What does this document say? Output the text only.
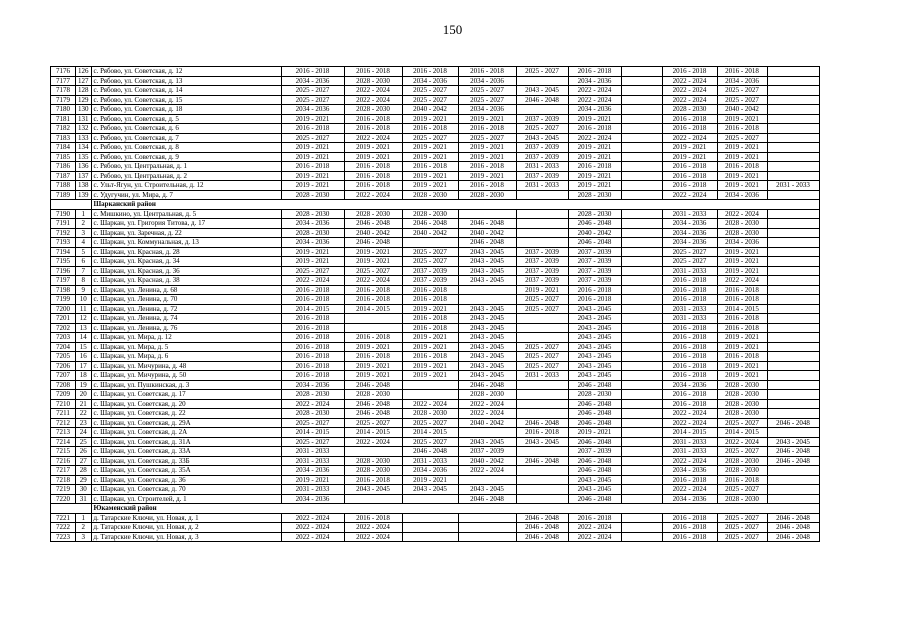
150
7176	126	с. Рябово, ул. Советская, д. 12	2016 - 2018	2016 - 2018	2016 - 2018	2016 - 2018	2025 - 2027	2016 - 2018		2016 - 2018	2016 - 2018	
7177	127	с. Рябово, ул. Советская, д. 13	2034 - 2036	2028 - 2030	2034 - 2036	2034 - 2036		2034 - 2036		2022 - 2024	2034 - 2036	
7178	128	с. Рябово, ул. Советская, д. 14	2025 - 2027	2022 - 2024	2025 - 2027	2025 - 2027	2043 - 2045	2022 - 2024		2022 - 2024	2025 - 2027	
7179	129	с. Рябово, ул. Советская, д. 15	2025 - 2027	2022 - 2024	2025 - 2027	2025 - 2027	2046 - 2048	2022 - 2024		2022 - 2024	2025 - 2027	
7180	130	с. Рябово, ул. Советская, д. 18	2034 - 2036	2028 - 2030	2040 - 2042	2034 - 2036		2034 - 2036		2028 - 2030	2040 - 2042	
7181	131	с. Рябово, ул. Советская, д. 5	2019 - 2021	2016 - 2018	2019 - 2021	2019 - 2021	2037 - 2039	2019 - 2021		2016 - 2018	2019 - 2021	
7182	132	с. Рябово, ул. Советская, д. 6	2016 - 2018	2016 - 2018	2016 - 2018	2016 - 2018	2025 - 2027	2016 - 2018		2016 - 2018	2016 - 2018	
7183	133	с. Рябово, ул. Советская, д. 7	2025 - 2027	2022 - 2024	2025 - 2027	2025 - 2027	2043 - 2045	2022 - 2024		2022 - 2024	2025 - 2027	
7184	134	с. Рябово, ул. Советская, д. 8	2019 - 2021	2019 - 2021	2019 - 2021	2019 - 2021	2037 - 2039	2019 - 2021		2019 - 2021	2019 - 2021	
7185	135	с. Рябово, ул. Советская, д. 9	2019 - 2021	2019 - 2021	2019 - 2021	2019 - 2021	2037 - 2039	2019 - 2021		2019 - 2021	2019 - 2021	
7186	136	с. Рябово, ул. Центральная, д. 1	2016 - 2018	2016 - 2018	2016 - 2018	2016 - 2018	2031 - 2033	2016 - 2018		2016 - 2018	2016 - 2018	
7187	137	с. Рябово, ул. Центральная, д. 2	2019 - 2021	2016 - 2018	2019 - 2021	2019 - 2021	2037 - 2039	2019 - 2021		2016 - 2018	2019 - 2021	
7188	138	с. Ульт-Ягун, ул. Строительная, д. 12	2019 - 2021	2016 - 2018	2019 - 2021	2016 - 2018	2031 - 2033	2019 - 2021		2016 - 2018	2019 - 2021	2031 - 2033
7189	139	с. Удугучин, ул. Мира, д. 7	2028 - 2030	2022 - 2024	2028 - 2030	2028 - 2030		2028 - 2030		2022 - 2024	2034 - 2036	
		Шарканский район										
7190	1	с. Мишкино, ул. Центральная, д. 5	2028 - 2030	2028 - 2030	2028 - 2030			2028 - 2030		2031 - 2033	2022 - 2024	
7191	2	с. Шаркан, ул. Григория Титова, д. 17	2034 - 2036	2046 - 2048	2046 - 2048	2046 - 2048		2046 - 2048		2034 - 2036	2028 - 2030	
7192	3	с. Шаркан, ул. Заречная, д. 22	2028 - 2030	2040 - 2042	2040 - 2042	2040 - 2042		2040 - 2042		2034 - 2036	2028 - 2030	
7193	4	с. Шаркан, ул. Коммунальная, д. 13	2034 - 2036	2046 - 2048		2046 - 2048		2046 - 2048		2034 - 2036	2034 - 2036	
7194	5	с. Шаркан, ул. Красная, д. 28	2019 - 2021	2019 - 2021	2025 - 2027	2043 - 2045	2037 - 2039	2037 - 2039		2025 - 2027	2019 - 2021	
7195	6	с. Шаркан, ул. Красная, д. 34	2019 - 2021	2019 - 2021	2025 - 2027	2043 - 2045	2037 - 2039	2037 - 2039		2025 - 2027	2019 - 2021	
7196	7	с. Шаркан, ул. Красная, д. 36	2025 - 2027	2025 - 2027	2037 - 2039	2043 - 2045	2037 - 2039	2037 - 2039		2031 - 2033	2019 - 2021	
7197	8	с. Шаркан, ул. Красная, д. 38	2022 - 2024	2022 - 2024	2037 - 2039	2043 - 2045	2037 - 2039	2037 - 2039		2016 - 2018	2022 - 2024	
7198	9	с. Шаркан, ул. Ленина, д. 68	2016 - 2018	2016 - 2018	2016 - 2018		2019 - 2021	2016 - 2018		2016 - 2018	2016 - 2018	
7199	10	с. Шаркан, ул. Ленина, д. 70	2016 - 2018	2016 - 2018	2016 - 2018		2025 - 2027	2016 - 2018		2016 - 2018	2016 - 2018	
7200	11	с. Шаркан, ул. Ленина, д. 72	2014 - 2015	2014 - 2015	2019 - 2021	2043 - 2045	2025 - 2027	2043 - 2045		2031 - 2033	2014 - 2015	
7201	12	с. Шаркан, ул. Ленина, д. 74	2016 - 2018		2016 - 2018	2043 - 2045		2043 - 2045		2031 - 2033	2016 - 2018	
7202	13	с. Шаркан, ул. Ленина, д. 76	2016 - 2018		2016 - 2018	2043 - 2045		2043 - 2045		2016 - 2018	2016 - 2018	
7203	14	с. Шаркан, ул. Мира, д. 12	2016 - 2018	2016 - 2018	2019 - 2021	2043 - 2045		2043 - 2045		2016 - 2018	2019 - 2021	
7204	15	с. Шаркан, ул. Мира, д. 5	2016 - 2018	2019 - 2021	2019 - 2021	2043 - 2045	2025 - 2027	2043 - 2045		2016 - 2018	2019 - 2021	
7205	16	с. Шаркан, ул. Мира, д. 6	2016 - 2018	2016 - 2018	2016 - 2018	2043 - 2045	2025 - 2027	2043 - 2045		2016 - 2018	2016 - 2018	
7206	17	с. Шаркан, ул. Мичурина, д. 48	2016 - 2018	2019 - 2021	2019 - 2021	2043 - 2045	2025 - 2027	2043 - 2045		2016 - 2018	2019 - 2021	
7207	18	с. Шаркан, ул. Мичурина, д. 50	2016 - 2018	2019 - 2021	2019 - 2021	2043 - 2045	2031 - 2033	2043 - 2045		2016 - 2018	2019 - 2021	
7208	19	с. Шаркан, ул. Пушкинская, д. 3	2034 - 2036	2046 - 2048		2046 - 2048		2046 - 2048		2034 - 2036	2028 - 2030	
7209	20	с. Шаркан, ул. Советская, д. 17	2028 - 2030	2028 - 2030		2028 - 2030		2028 - 2030		2016 - 2018	2028 - 2030	
7210	21	с. Шаркан, ул. Советская, д. 20	2022 - 2024	2046 - 2048	2022 - 2024	2022 - 2024		2046 - 2048		2016 - 2018	2028 - 2030	
7211	22	с. Шаркан, ул. Советская, д. 22	2028 - 2030	2046 - 2048	2028 - 2030	2022 - 2024		2046 - 2048		2022 - 2024	2028 - 2030	
7212	23	с. Шаркан, ул. Советская, д. 29А	2025 - 2027	2025 - 2027	2025 - 2027	2040 - 2042	2046 - 2048	2046 - 2048		2022 - 2024	2025 - 2027	2046 - 2048
7213	24	с. Шаркан, ул. Советская, д. 2А	2014 - 2015	2014 - 2015	2014 - 2015		2016 - 2018	2019 - 2021		2014 - 2015	2014 - 2015	
7214	25	с. Шаркан, ул. Советская, д. 31А	2025 - 2027	2022 - 2024	2025 - 2027	2043 - 2045	2043 - 2045	2046 - 2048		2031 - 2033	2022 - 2024	2043 - 2045
7215	26	с. Шаркан, ул. Советская, д. 33А	2031 - 2033		2046 - 2048	2037 - 2039		2037 - 2039		2031 - 2033	2025 - 2027	2046 - 2048
7216	27	с. Шаркан, ул. Советская, д. 33Б	2031 - 2033	2028 - 2030	2031 - 2033	2040 - 2042	2046 - 2048	2046 - 2048		2022 - 2024	2028 - 2030	2046 - 2048
7217	28	с. Шаркан, ул. Советская, д. 35А	2034 - 2036	2028 - 2030	2034 - 2036	2022 - 2024		2046 - 2048		2034 - 2036	2028 - 2030	
7218	29	с. Шаркан, ул. Советская, д. 36	2019 - 2021	2016 - 2018	2019 - 2021			2043 - 2045		2016 - 2018	2016 - 2018	
7219	30	с. Шаркан, ул. Советская, д. 70	2031 - 2033	2043 - 2045	2043 - 2045	2043 - 2045		2043 - 2045		2022 - 2024	2025 - 2027	
7220	31	с. Шаркан, ул. Строителей, д. 1	2034 - 2036			2046 - 2048		2046 - 2048		2034 - 2036	2028 - 2030	
		Юкаменский район										
7221	1	д. Татарские Ключи, ул. Новая, д. 1	2022 - 2024	2016 - 2018			2046 - 2048	2016 - 2018		2016 - 2018	2025 - 2027	2046 - 2048
7222	2	д. Татарские Ключи, ул. Новая, д. 2	2022 - 2024	2022 - 2024			2046 - 2048	2022 - 2024		2016 - 2018	2025 - 2027	2046 - 2048
7223	3	д. Татарские Ключи, ул. Новая, д. 3	2022 - 2024	2022 - 2024			2046 - 2048	2022 - 2024		2016 - 2018	2025 - 2027	2046 - 2048
